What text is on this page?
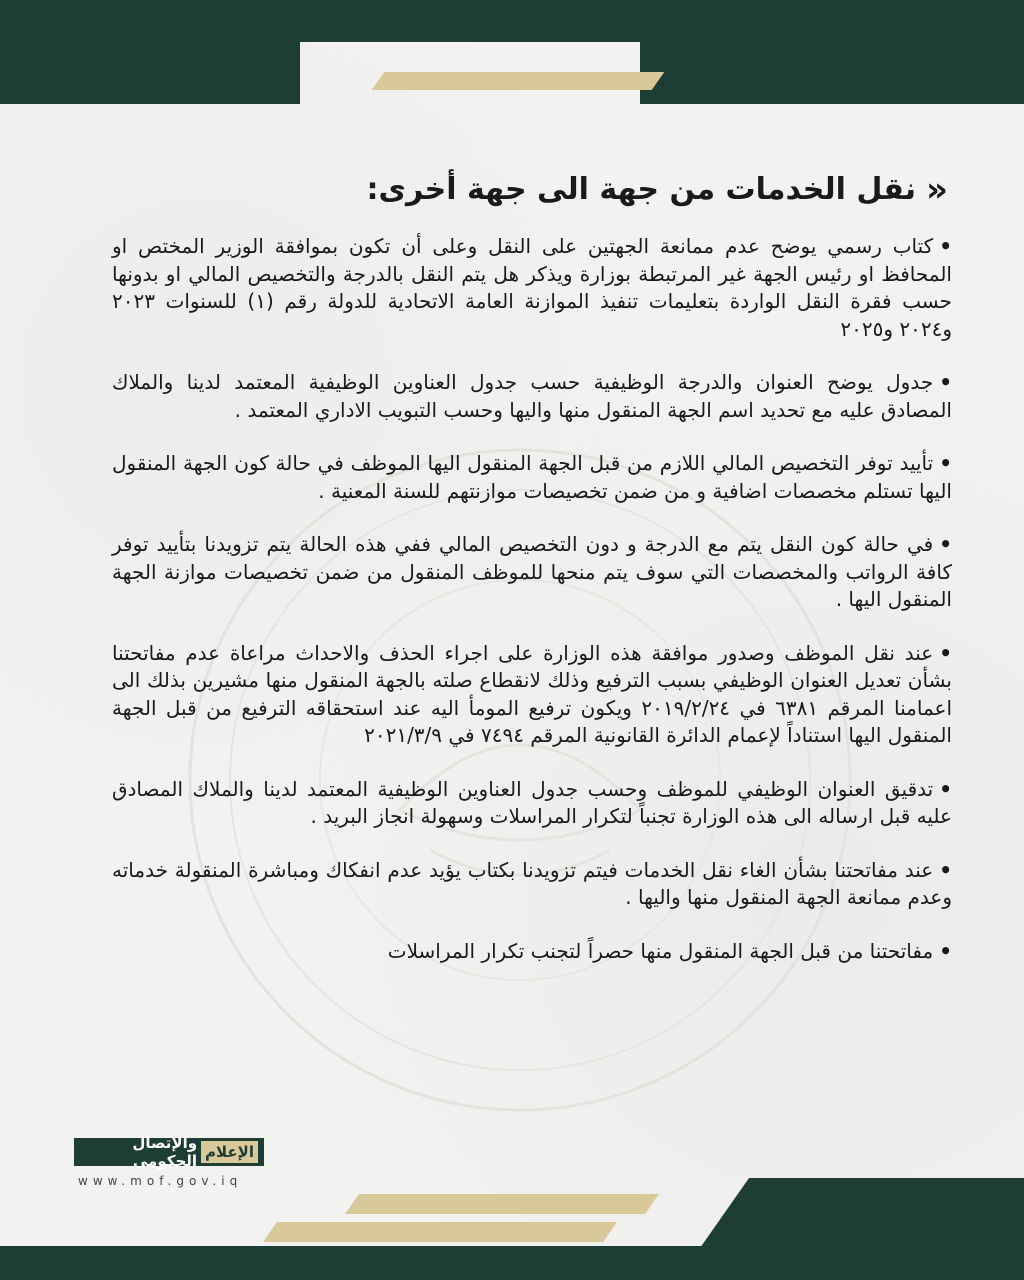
«
نقل الخدمات من جهة الى جهة أخرى:

•كتاب رسمي يوضح عدم ممانعة الجهتين على النقل وعلى أن تكون بموافقة الوزير المختص او المحافظ او رئيس الجهة غير المرتبطة بوزارة ويذكر هل يتم النقل بالدرجة والتخصيص المالي او بدونها حسب فقرة النقل الواردة بتعليمات تنفيذ الموازنة العامة الاتحادية للدولة رقم (١) للسنوات ٢٠٢٣ و٢٠٢٤ و٢٠٢٥

•جدول يوضح العنوان والدرجة الوظيفية حسب جدول العناوين الوظيفية المعتمد لدينا والملاك المصادق عليه مع تحديد اسم الجهة المنقول منها واليها وحسب التبويب الاداري المعتمد .

•تأييد توفر التخصيص المالي اللازم من قبل الجهة المنقول اليها الموظف في حالة كون الجهة المنقول اليها تستلم مخصصات اضافية و من ضمن تخصيصات موازنتهم للسنة المعنية .

•في حالة كون النقل يتم مع الدرجة و دون التخصيص المالي ففي هذه الحالة يتم تزويدنا بتأييد توفر كافة الرواتب والمخصصات التي سوف يتم منحها للموظف المنقول من ضمن تخصيصات موازنة الجهة المنقول اليها .

•عند نقل الموظف وصدور موافقة هذه الوزارة على اجراء الحذف والاحداث مراعاة عدم مفاتحتنا بشأن تعديل العنوان الوظيفي بسبب الترفيع وذلك لانقطاع صلته بالجهة المنقول منها مشيرين بذلك الى اعمامنا المرقم ٦٣٨١ في ٢٠١٩/٢/٢٤ ويكون ترفيع المومأ اليه عند استحقاقه الترفيع من قبل الجهة المنقول اليها استناداً لإعمام الدائرة القانونية المرقم ٧٤٩٤ في ٢٠٢١/٣/٩

•تدقيق العنوان الوظيفي للموظف وحسب جدول العناوين الوظيفية المعتمد لدينا والملاك المصادق عليه قبل ارساله الى هذه الوزارة تجنباً لتكرار المراسلات وسهولة انجاز البريد .

•عند مفاتحتنا بشأن الغاء نقل الخدمات فيتم تزويدنا بكتاب يؤيد عدم انفكاك ومباشرة المنقولة خدماته وعدم ممانعة الجهة المنقول منها واليها .

•مفاتحتنا من قبل الجهة المنقول منها حصراً لتجنب تكرار المراسلات

الإعلام
والإتصال الحكومي
www.mof.gov.iq
